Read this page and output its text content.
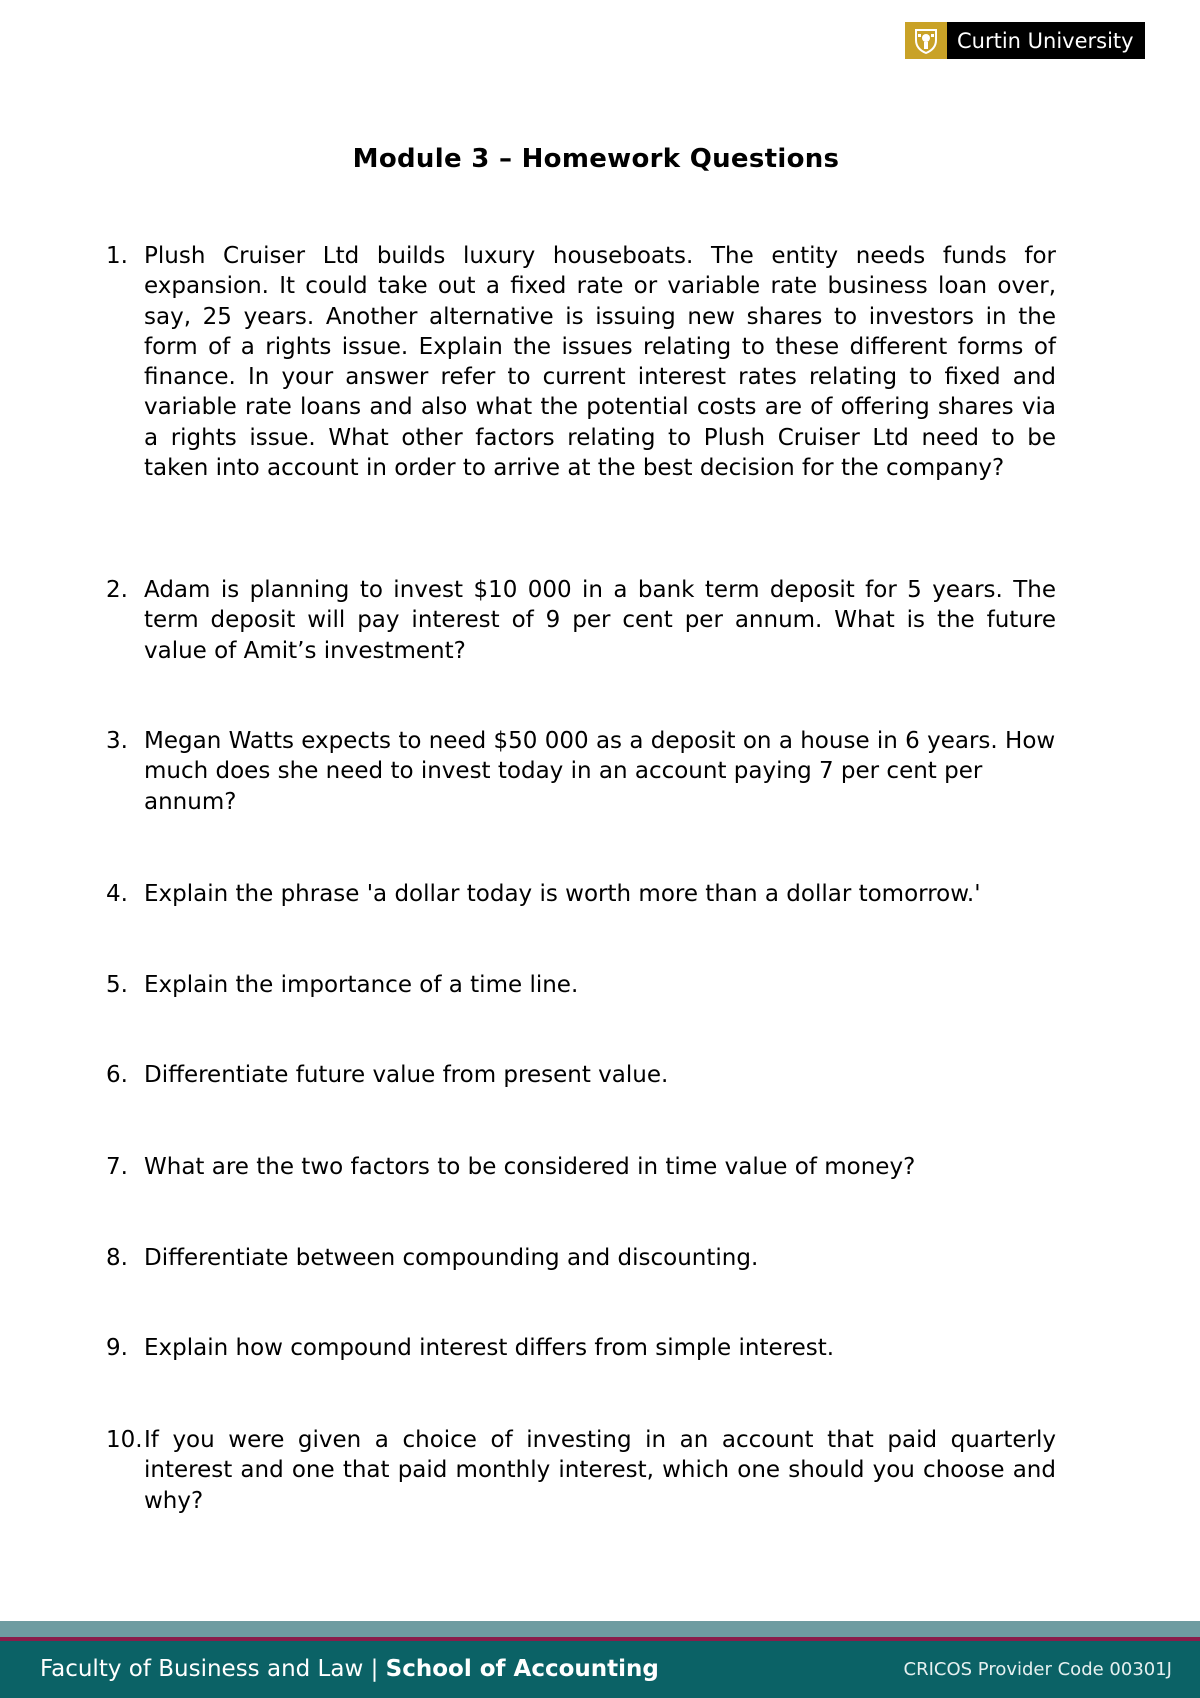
Curtin University
Module 3 – Homework Questions
1. Plush Cruiser Ltd builds luxury houseboats. The entity needs funds for expansion. It could take out a fixed rate or variable rate business loan over, say, 25 years. Another alternative is issuing new shares to investors in the form of a rights issue. Explain the issues relating to these different forms of finance. In your answer refer to current interest rates relating to fixed and variable rate loans and also what the potential costs are of offering shares via a rights issue. What other factors relating to Plush Cruiser Ltd need to be taken into account in order to arrive at the best decision for the company?

2. Adam is planning to invest $10 000 in a bank term deposit for 5 years. The term deposit will pay interest of 9 per cent per annum. What is the future value of Amit’s investment?

3. Megan Watts expects to need $50 000 as a deposit on a house in 6 years. How much does she need to invest today in an account paying 7 per cent per annum?

4. Explain the phrase 'a dollar today is worth more than a dollar tomorrow.'

5. Explain the importance of a time line.

6. Differentiate future value from present value.

7. What are the two factors to be considered in time value of money?

8. Differentiate between compounding and discounting.

9. Explain how compound interest differs from simple interest.

10. If you were given a choice of investing in an account that paid quarterly interest and one that paid monthly interest, which one should you choose and why?

Faculty of Business and Law | School of Accounting	CRICOS Provider Code 00301J
